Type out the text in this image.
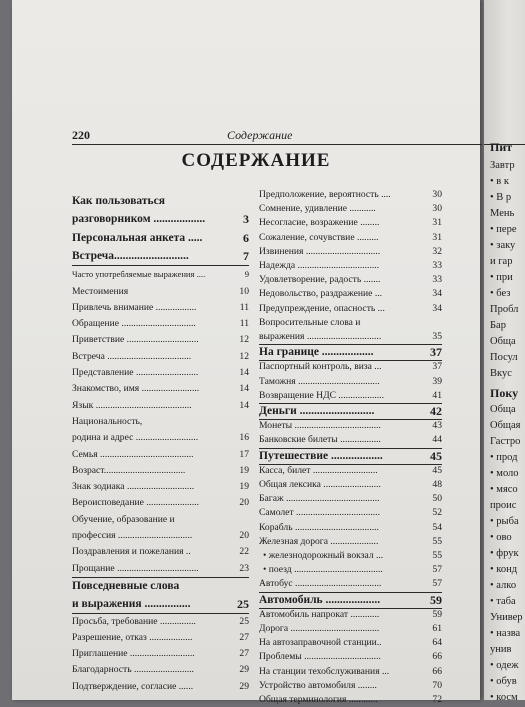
220	Содержание
СОДЕРЖАНИЕ
Как пользоваться
разговорником ..................	3
Персональная анкета .....	6
Встреча..........................	7
Часто употребляемые выражения ....	9
Местоимения	10
Привлечь внимание .................	11
Обращение ...............................	11
Приветствие ..............................	12
Встреча ...................................	12
Представление ..........................	14
Знакомство, имя ........................	14
Язык ........................................	14
Национальность,
родина и адрес ..........................	16
Семья .......................................	17
Возраст..................................	19
Знак зодиака ............................	19
Вероисповедание ......................	20
Обучение, образование и
профессия ...............................	20
Поздравления и пожелания ..	22
Прощание ..................................	23
Повседневные слова
и выражения ................	25
Просьба, требование ...............	25
Разрешение, отказ ..................	27
Приглашение ...........................	27
Благодарность .........................	29
Подтверждение, согласие ......	29
Предположение, вероятность ....	30
Сомнение, удивление ...........	30
Несогласие, возражение ........	31
Сожаление, сочувствие .........	31
Извинения ...............................	32
Надежда ..................................	33
Удовлетворение, радость .......	33
Недовольство, раздражение ...	34
Предупреждение, опасность ...	34
Вопросительные слова и
выражения ...............................	35
На границе ..................	37
Паспортный контроль, виза ...	37
Таможня ..................................	39
Возвращение НДС ...................	41
Деньги ..........................	42
Монеты ....................................	43
Банковские билеты .................	44
Путешествие ..................	45
Касса, билет ...........................	45
Общая лексика ........................	48
Багаж .......................................	50
Самолет ...................................	52
Корабль ...................................	54
Железная дорога ....................	55
• железнодорожный вокзал ...	55
• поезд .....................................	57
Автобус ....................................	57
Автомобиль ...................	59
Автомобиль напрокат ............	59
Дорога .....................................	61
На автозаправочной станции..	64
Проблемы ................................	66
На станции техобслуживания ...	66
Устройство автомобиля ........	70
Общая терминология ............	72
Пит
Завтр
• в к
• В р
Мень
• пере
• заку
и гар
• при
• без
Пробл
Бар
Обща
Посул
Вкус
Поку
Обща
Общая
Гастро
• прод
• моло
• мясо
проис
• рыба
• ово
• фрук
• конд
• алко
• таба
Универ
• назва
унив
• одеж
• обув
• косм
